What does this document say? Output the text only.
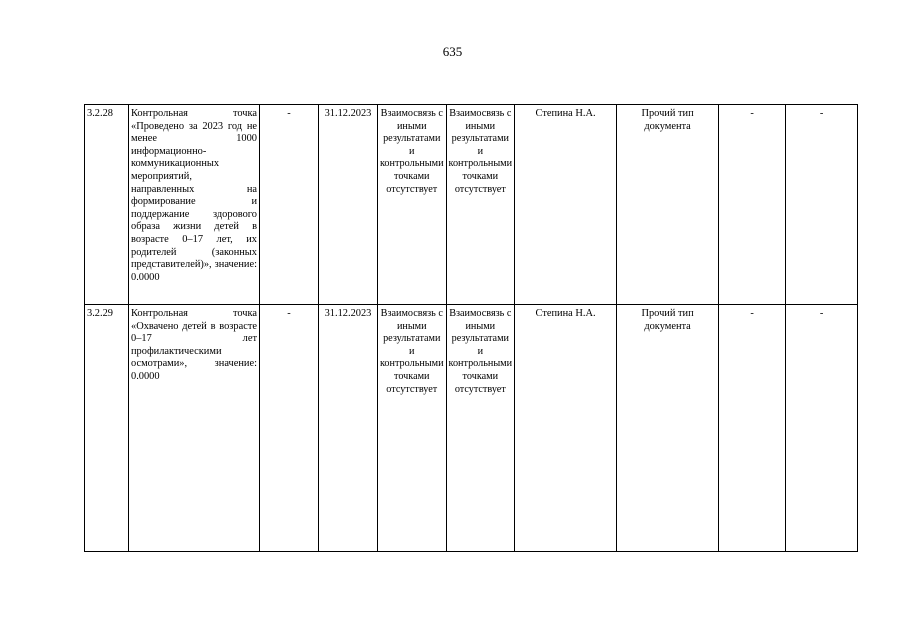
635
3.2.28	Контрольная точка «Проведено за 2023 год не менее 1000 информационно-коммуникационных мероприятий, направленных на формирование и поддержание здорового образа жизни детей в возрасте 0–17 лет, их родителей (законных представителей)», значение: 0.0000	-	31.12.2023	Взаимосвязь с иными результатами и контрольными точками отсутствует	Взаимосвязь с иными результатами и контрольными точками отсутствует	Степина Н.А.	Прочий тип документа	-	-
3.2.29	Контрольная точка «Охвачено детей в возрасте 0–17 лет профилактическими осмотрами», значение: 0.0000	-	31.12.2023	Взаимосвязь с иными результатами и контрольными точками отсутствует	Взаимосвязь с иными результатами и контрольными точками отсутствует	Степина Н.А.	Прочий тип документа	-	-
